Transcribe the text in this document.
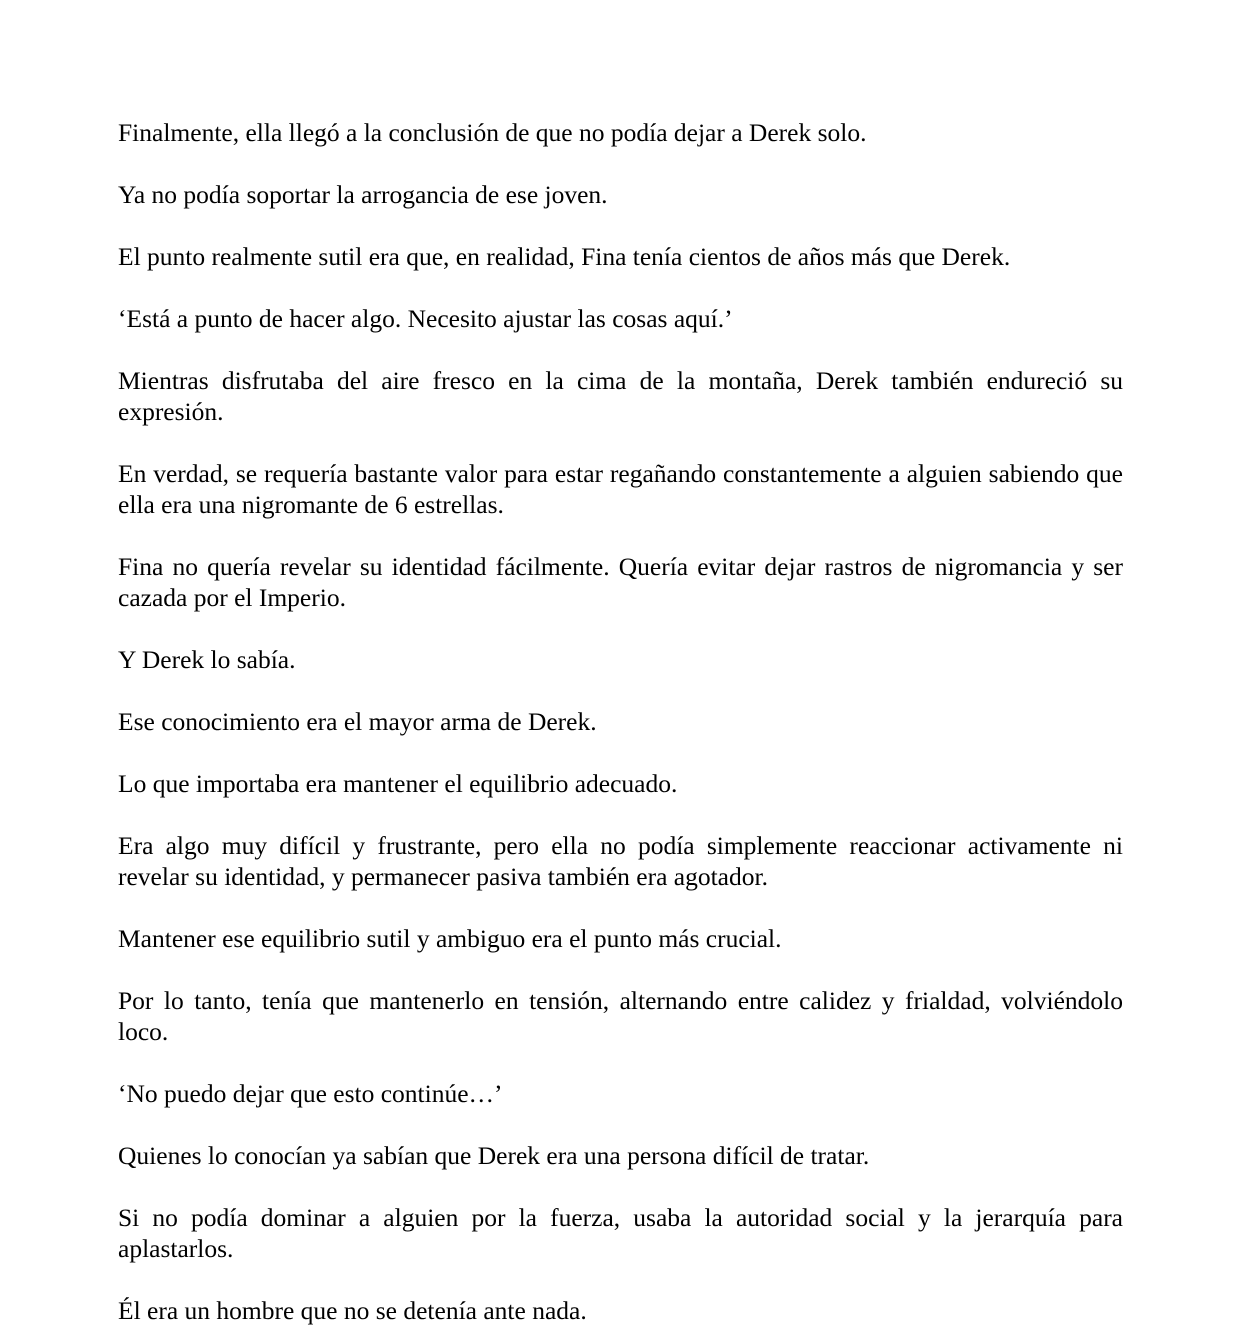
Finalmente, ella llegó a la conclusión de que no podía dejar a Derek solo.

Ya no podía soportar la arrogancia de ese joven.

El punto realmente sutil era que, en realidad, Fina tenía cientos de años más que Derek.

‘Está a punto de hacer algo. Necesito ajustar las cosas aquí.’

Mientras disfrutaba del aire fresco en la cima de la montaña, Derek también endureció su expresión.

En verdad, se requería bastante valor para estar regañando constantemente a alguien sabiendo que ella era una nigromante de 6 estrellas.

Fina no quería revelar su identidad fácilmente. Quería evitar dejar rastros de nigromancia y ser cazada por el Imperio.

Y Derek lo sabía.

Ese conocimiento era el mayor arma de Derek.

Lo que importaba era mantener el equilibrio adecuado.

Era algo muy difícil y frustrante, pero ella no podía simplemente reaccionar activamente ni revelar su identidad, y permanecer pasiva también era agotador.

Mantener ese equilibrio sutil y ambiguo era el punto más crucial.

Por lo tanto, tenía que mantenerlo en tensión, alternando entre calidez y frialdad, volviéndolo loco.

‘No puedo dejar que esto continúe…’

Quienes lo conocían ya sabían que Derek era una persona difícil de tratar.

Si no podía dominar a alguien por la fuerza, usaba la autoridad social y la jerarquía para aplastarlos.

Él era un hombre que no se detenía ante nada.
